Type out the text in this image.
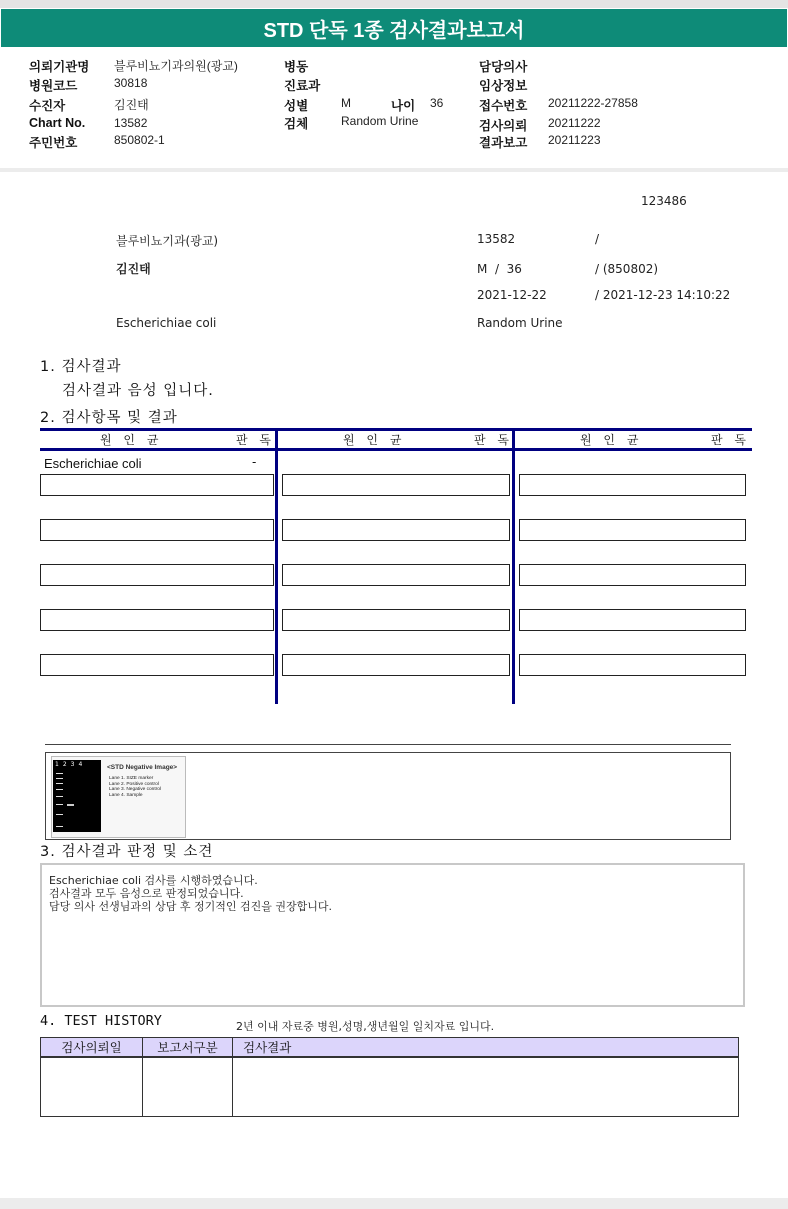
STD 단독 1종 검사결과보고서
의뢰기관명 블루비뇨기과의원(광교)
병원코드	30818
수진자	김진태
Chart No. 13582
주민번호	850802-1
병동
진료과
성별	M	나이 36
검체	Random Urine
담당의사
임상정보
접수번호 20211222-27858
검사의뢰 20211222
결과보고 20211223
123486
블루비뇨기과(광교)	13582	/
김진태	M  /  36	/ (850802)
2021-12-22	/ 2021-12-23 14:10:22
Escherichiae coli	Random Urine
1. 검사결과
검사결과 음성 입니다.
2. 검사항목 및 결과
원 인 균	판 독	원 인 균	판 독	원 인 균	판 독
Escherichiae coli	-
1234	<STD Negative Image>
Lane 1. SIZE marker
Lane 2. Positive control
Lane 3. Negative control
Lane 4. Sample
3. 검사결과 판정 및 소견
Escherichiae coli 검사를 시행하였습니다.
검사결과 모두 음성으로 판정되었습니다.
담당 의사 선생님과의 상담 후 정기적인 검진을 권장합니다.
4. TEST HISTORY	2년 이내 자료중 병원,성명,생년월일 일치자료 입니다.
검사의뢰일	보고서구분	검사결과
